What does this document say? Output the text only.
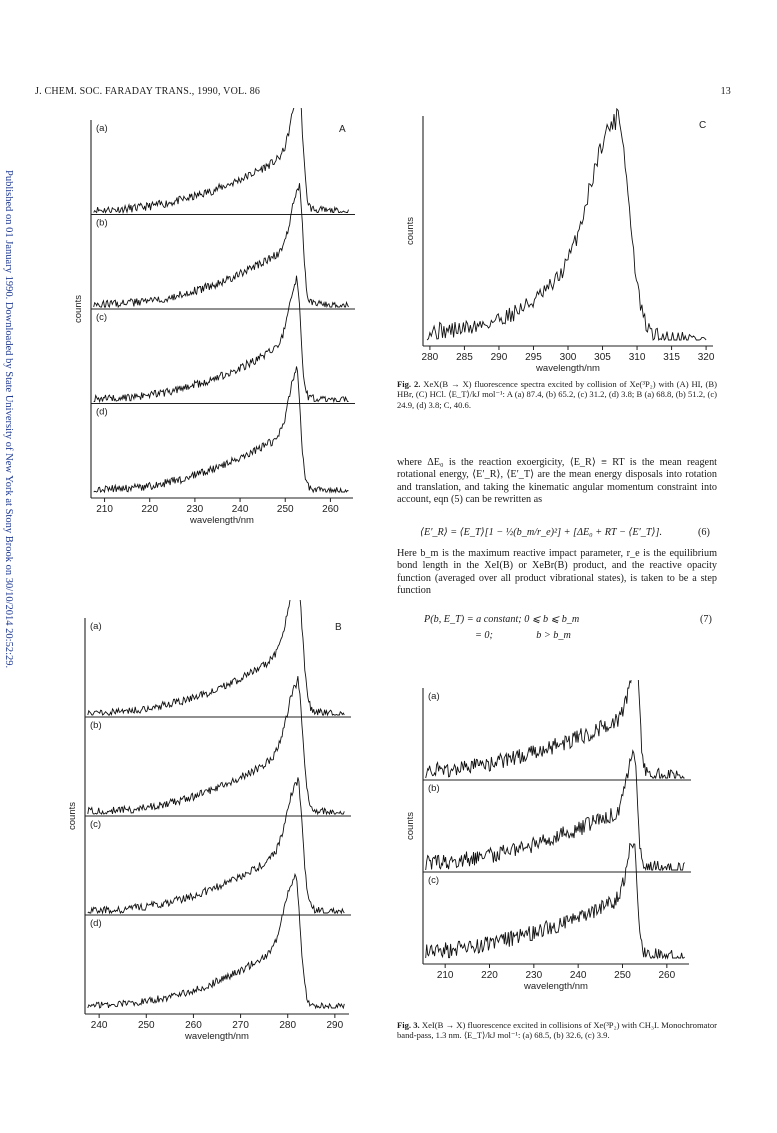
J. CHEM. SOC. FARADAY TRANS., 1990, VOL. 86	13
Published on 01 January 1990. Downloaded by State University of New York at Stony Brook on 30/10/2014 20:52:29.	210	220	230	240	250	260
wavelength/nm
counts
A
(a)
(b)
(c)
(d)
280 285 290 295 300 305 310 315 320
wavelength/nm
counts
C
Fig. 2. XeX(B → X) fluorescence spectra excited by collision of Xe(³P₂) with (A) HI, (B) HBr, (C) HCl. ⟨E_T⟩/kJ mol⁻¹: A (a) 87.4, (b) 65.2, (c) 31.2, (d) 3.8; B (a) 68.8, (b) 51.2, (c) 24.9, (d) 3.8; C, 40.6.
where ΔE₀ is the reaction exoergicity, ⟨E_R⟩ ≡ RT is the mean reagent rotational energy, ⟨E′_R⟩, ⟨E′_T⟩ are the mean energy disposals into rotation and translation, and taking the kinematic angular momentum constraint into account, eqn (5) can be rewritten as
⟨E′_R⟩ = ⟨E_T⟩[1 − ½(b_m/r_e)²] + [ΔE₀ + RT − ⟨E′_T⟩].	(6)
Here b_m is the maximum reactive impact parameter, r_e is the equilibrium bond length in the XeI(B) or XeBr(B) product, and the reactive opacity function (averaged over all product vibrational states), is taken to be a step function
P(b, E_T) = a constant; 0 ⩽ b ⩽ b_m	(7)
= 0;                 b > b_m
240	250	260	270	280	290
wavelength/nm
counts
B
(a)
(b)
(c)
(d)
210	220	230	240	250	260
wavelength/nm
counts
(a)
(b)
(c)
Fig. 3. XeI(B → X) fluorescence excited in collisions of Xe(³P₂) with CH₃I. Monochromator band-pass, 1.3 nm. ⟨E_T⟩/kJ mol⁻¹: (a) 68.5, (b) 32.6, (c) 3.9.
